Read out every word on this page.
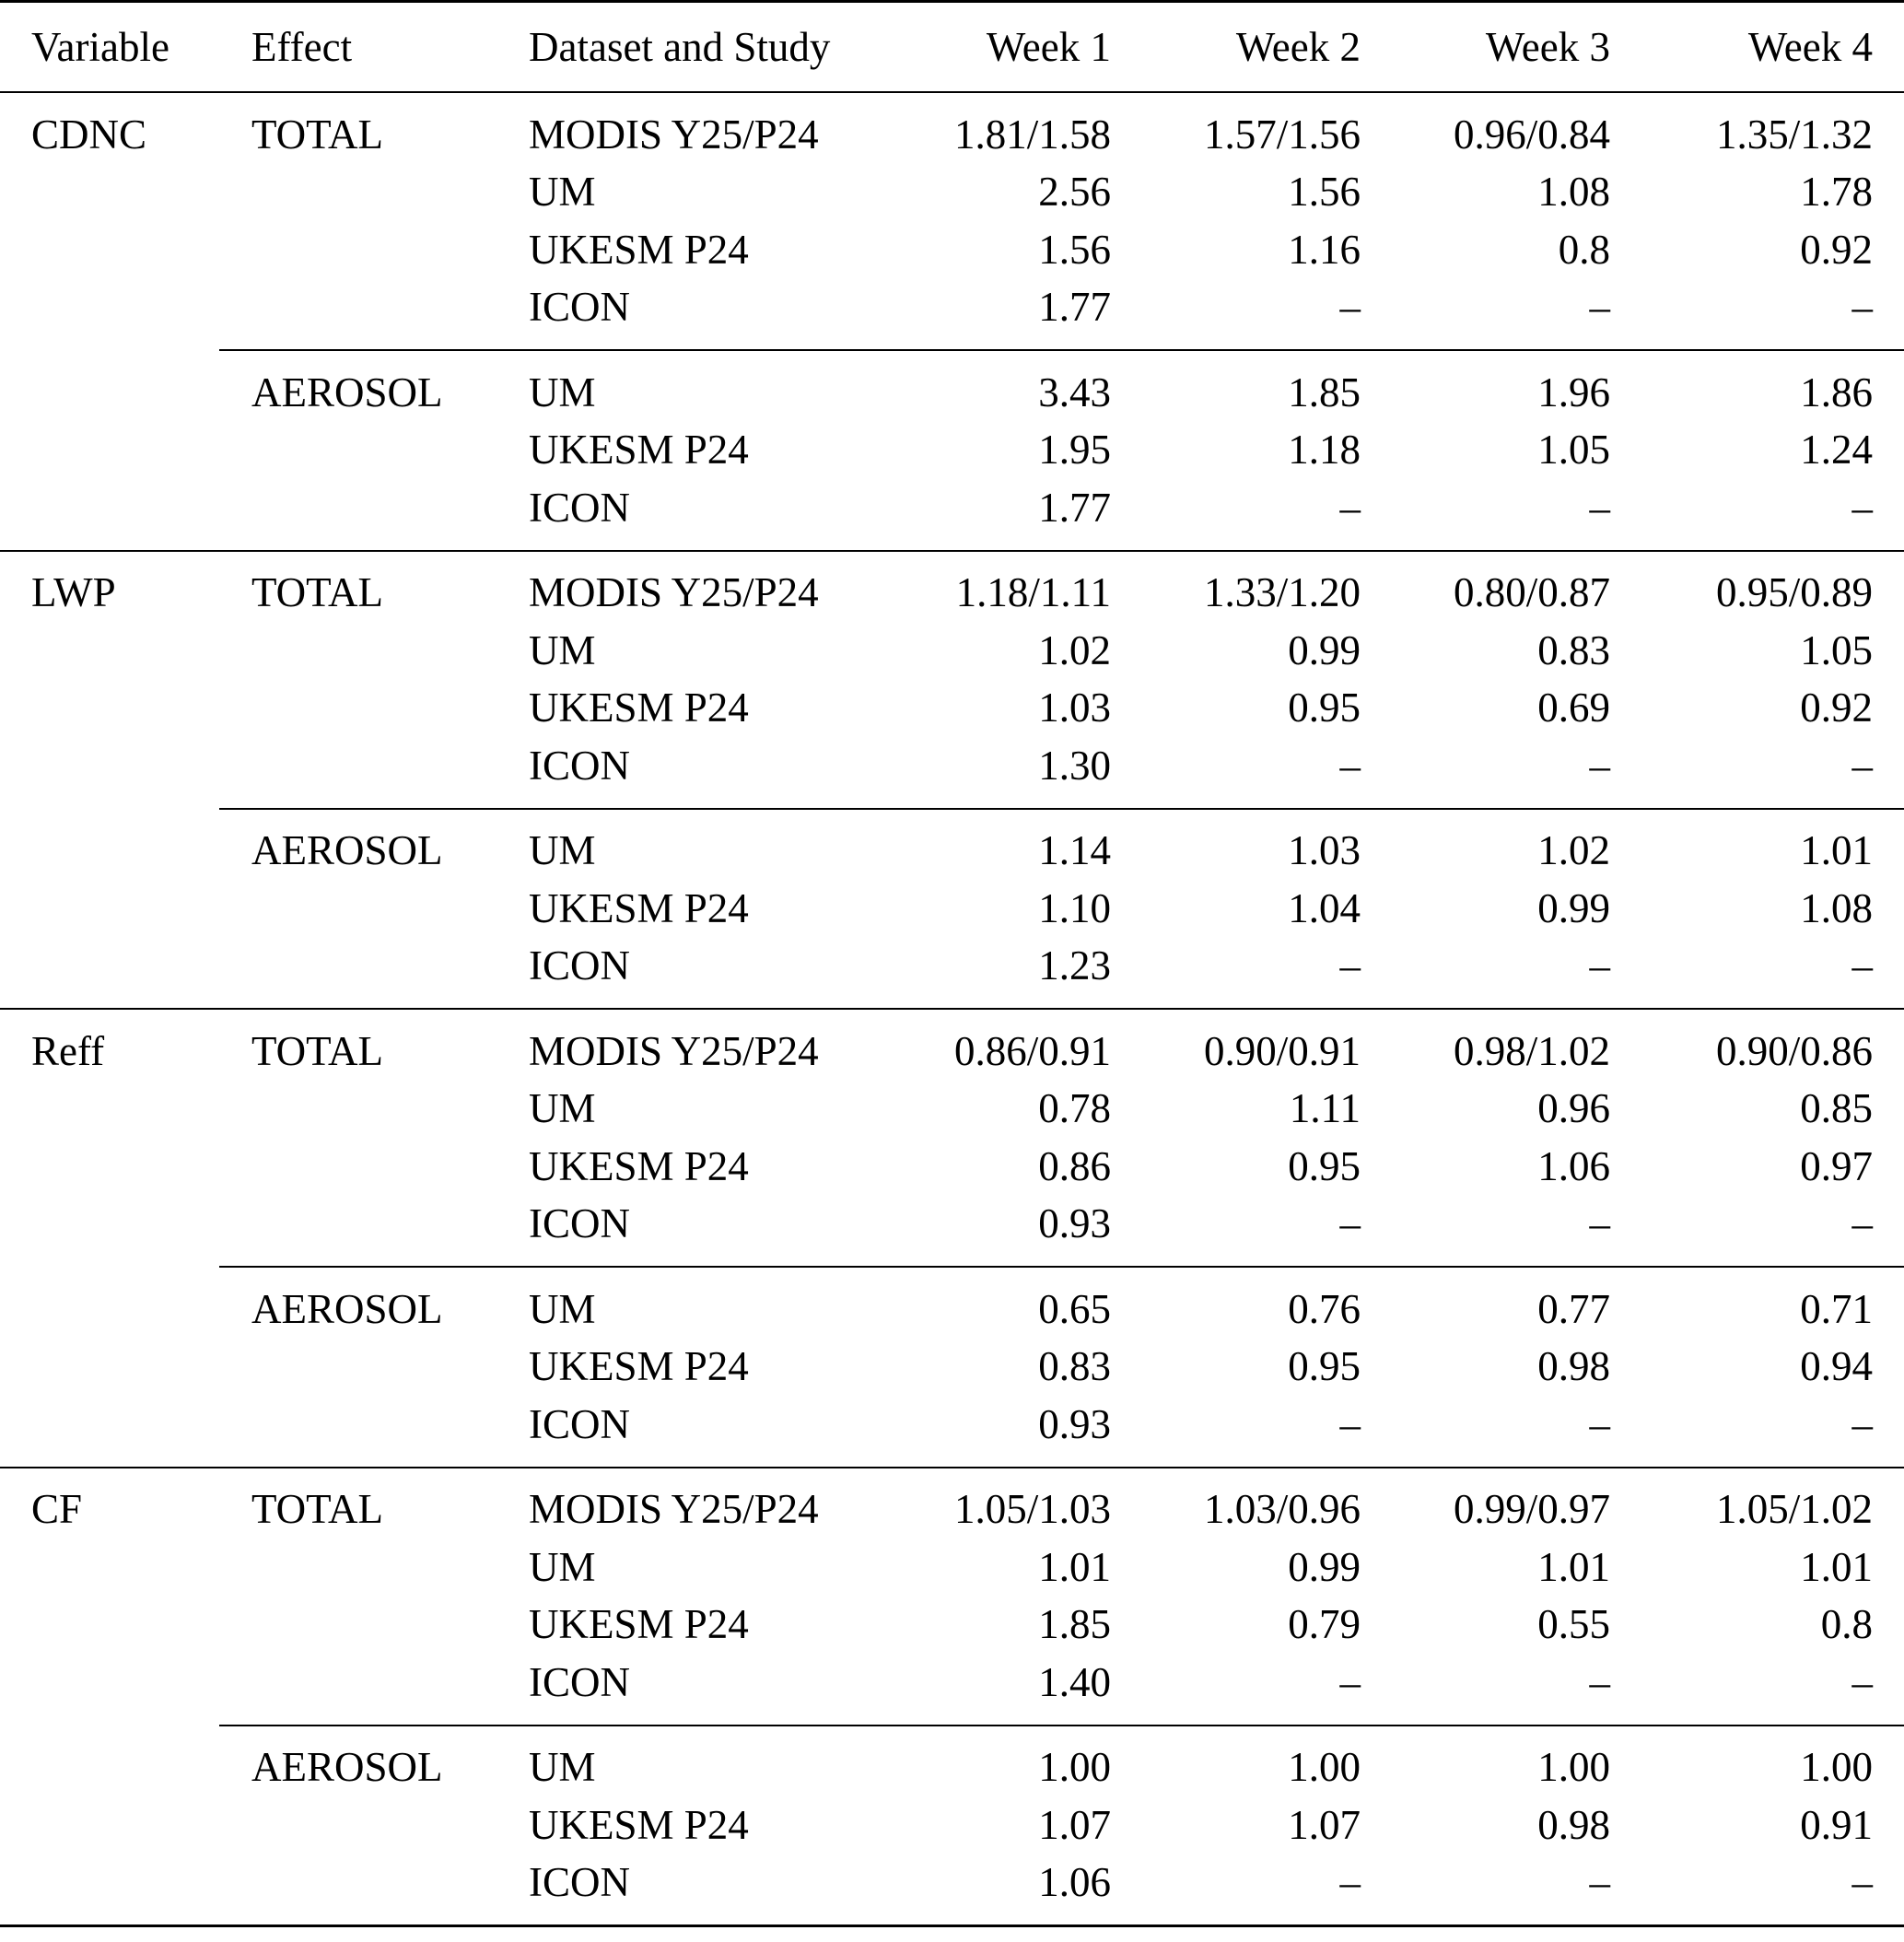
Variable	Effect	Dataset and Study	Week 1	Week 2	Week 3	Week 4
CDNC	TOTAL	MODIS Y25/P24	1.81/1.58	1.57/1.56	0.96/0.84	1.35/1.32
		UM	2.56	1.56	1.08	1.78
		UKESM P24	1.56	1.16	0.8	0.92
		ICON	1.77	–	–	–
	AEROSOL	UM	3.43	1.85	1.96	1.86
		UKESM P24	1.95	1.18	1.05	1.24
		ICON	1.77	–	–	–
LWP	TOTAL	MODIS Y25/P24	1.18/1.11	1.33/1.20	0.80/0.87	0.95/0.89
		UM	1.02	0.99	0.83	1.05
		UKESM P24	1.03	0.95	0.69	0.92
		ICON	1.30	–	–	–
	AEROSOL	UM	1.14	1.03	1.02	1.01
		UKESM P24	1.10	1.04	0.99	1.08
		ICON	1.23	–	–	–
Reff	TOTAL	MODIS Y25/P24	0.86/0.91	0.90/0.91	0.98/1.02	0.90/0.86
		UM	0.78	1.11	0.96	0.85
		UKESM P24	0.86	0.95	1.06	0.97
		ICON	0.93	–	–	–
	AEROSOL	UM	0.65	0.76	0.77	0.71
		UKESM P24	0.83	0.95	0.98	0.94
		ICON	0.93	–	–	–
CF	TOTAL	MODIS Y25/P24	1.05/1.03	1.03/0.96	0.99/0.97	1.05/1.02
		UM	1.01	0.99	1.01	1.01
		UKESM P24	1.85	0.79	0.55	0.8
		ICON	1.40	–	–	–
	AEROSOL	UM	1.00	1.00	1.00	1.00
		UKESM P24	1.07	1.07	0.98	0.91
		ICON	1.06	–	–	–
